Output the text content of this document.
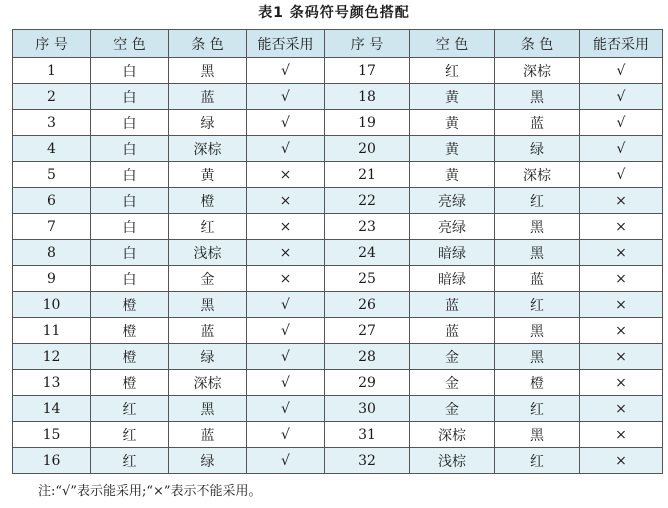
表1 条码符号颜色搭配
序 号	空 色	条 色	能否采用	序 号	空 色	条 色	能否采用
1	白	黑	√	17	红	深棕	√
2	白	蓝	√	18	黄	黑	√
3	白	绿	√	19	黄	蓝	√
4	白	深棕	√	20	黄	绿	√
5	白	黄	×	21	黄	深棕	√
6	白	橙	×	22	亮绿	红	×
7	白	红	×	23	亮绿	黑	×
8	白	浅棕	×	24	暗绿	黑	×
9	白	金	×	25	暗绿	蓝	×
10	橙	黑	√	26	蓝	红	×
11	橙	蓝	√	27	蓝	黑	×
12	橙	绿	√	28	金	黑	×
13	橙	深棕	√	29	金	橙	×
14	红	黑	√	30	金	红	×
15	红	蓝	√	31	深棕	黑	×
16	红	绿	√	32	浅棕	红	×
注:“√”表示能采用;“×”表示不能采用。
